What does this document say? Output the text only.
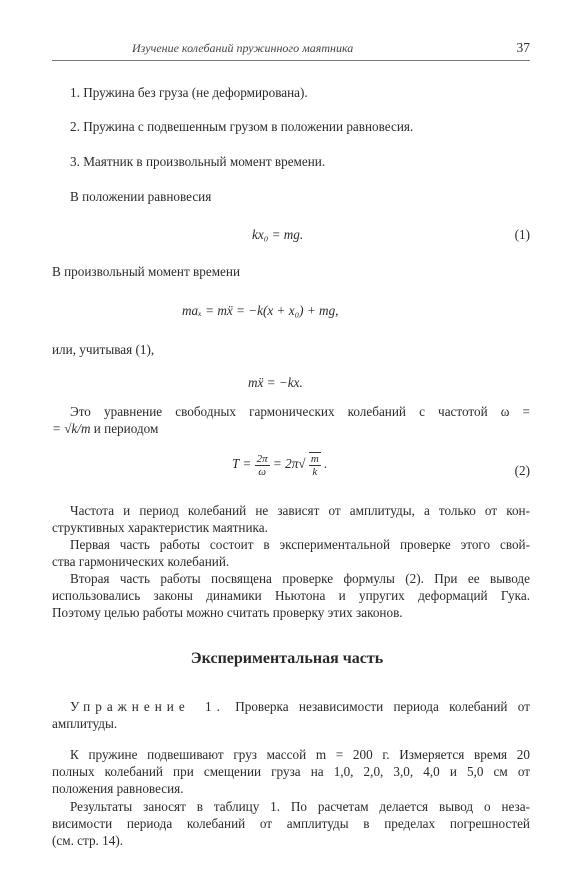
Изучение колебаний пружинного маятника	37
1. Пружина без груза (не деформирована).
2. Пружина с подвешенным грузом в положении равновесия.
3. Маятник в произвольный момент времени.
В положении равновесия
kx₀ = mg.	(1)
В произвольный момент времени
maₓ = mẍ = −k(x + x₀) + mg,
или, учитывая (1),
mẍ = −kx.
Это уравнение свободных гармонических колебаний с частотой ω =
= √k/m и периодом
$T = \frac{2\pi}{\omega} = 2\pi√ \frac{m}{k}$ .	(2)
Частота и период колебаний не зависят от амплитуды, а только от кон-
структивных характеристик маятника.
Первая часть работы состоит в экспериментальной проверке этого свой-
ства гармонических колебаний.
Вторая часть работы посвящена проверке формулы (2). При ее выводе
использовались законы динамики Ньютона и упругих деформаций Гука.
Поэтому целью работы можно считать проверку этих законов.
Экспериментальная часть
Упражнение 1. Проверка независимости периода колебаний от
амплитуды.
К пружине подвешивают груз массой m = 200 г. Измеряется время 20
полных колебаний при смещении груза на 1,0, 2,0, 3,0, 4,0 и 5,0 см от
положения равновесия.
Результаты заносят в таблицу 1. По расчетам делается вывод о неза-
висимости периода колебаний от амплитуды в пределах погрешностей
(см. стр. 14).
